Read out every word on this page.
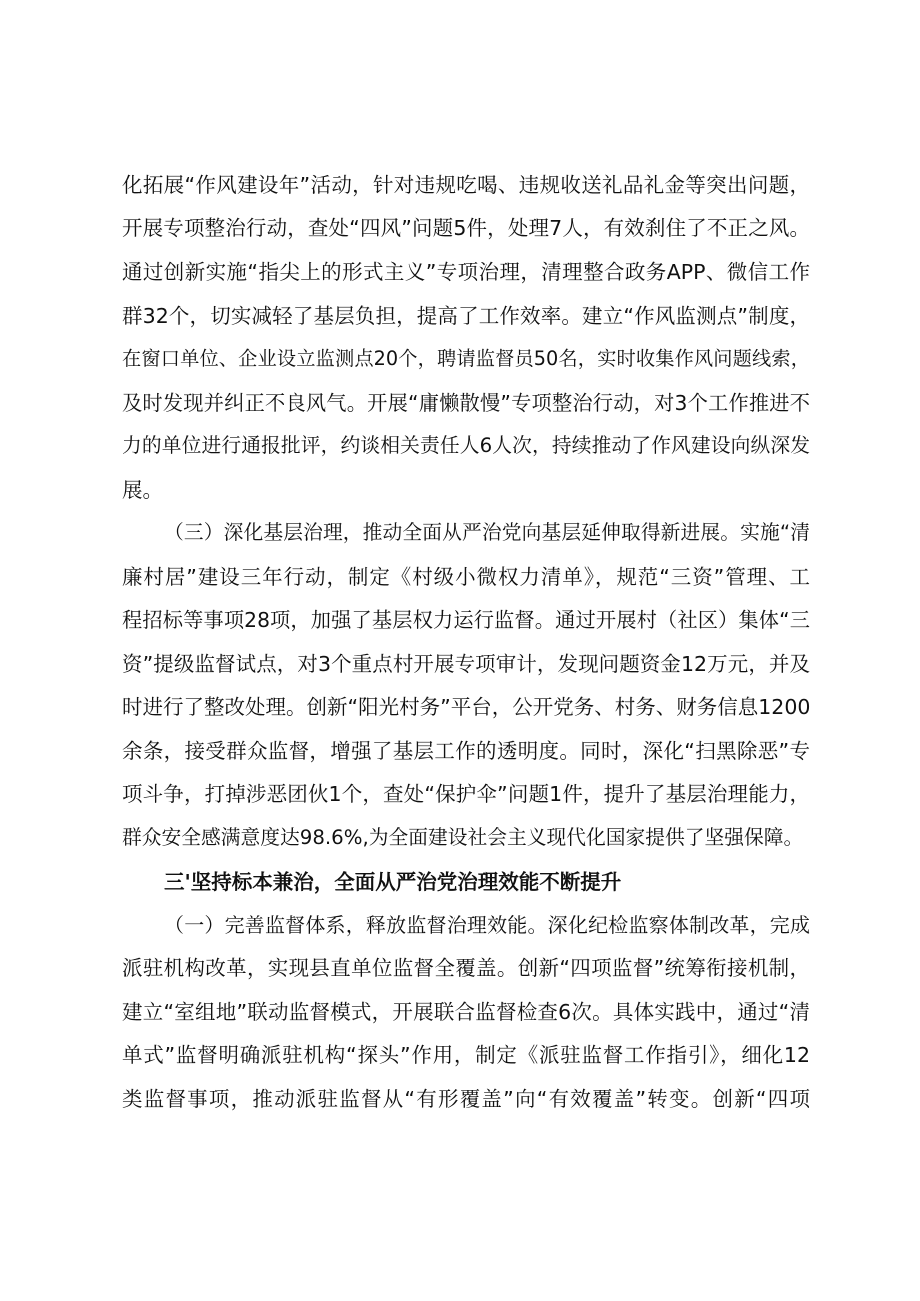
化拓展“作风建设年”活动，针对违规吃喝、违规收送礼品礼金等突出问题，
开展专项整治行动，查处“四风”问题5件，处理7人，有效刹住了不正之风。
通过创新实施“指尖上的形式主义”专项治理，清理整合政务APP、微信工作
群32个，切实减轻了基层负担，提高了工作效率。建立“作风监测点”制度，
在窗口单位、企业设立监测点20个，聘请监督员50名，实时收集作风问题线索，
及时发现并纠正不良风气。开展“庸懒散慢”专项整治行动，对3个工作推进不
力的单位进行通报批评，约谈相关责任人6人次，持续推动了作风建设向纵深发
展。
（三）深化基层治理，推动全面从严治党向基层延伸取得新进展。实施“清
廉村居”建设三年行动，制定《村级小微权力清单》，规范“三资”管理、工
程招标等事项28项，加强了基层权力运行监督。通过开展村（社区）集体“三
资”提级监督试点，对3个重点村开展专项审计，发现问题资金12万元，并及
时进行了整改处理。创新“阳光村务”平台，公开党务、村务、财务信息1200
余条，接受群众监督，增强了基层工作的透明度。同时，深化“扫黑除恶”专
项斗争，打掉涉恶团伙1个，查处“保护伞”问题1件，提升了基层治理能力，
群众安全感满意度达98.6%,为全面建设社会主义现代化国家提供了坚强保障。
三'坚持标本兼治，全面从严治党治理效能不断提升
（一）完善监督体系，释放监督治理效能。深化纪检监察体制改革，完成
派驻机构改革，实现县直单位监督全覆盖。创新“四项监督”统筹衔接机制，
建立“室组地”联动监督模式，开展联合监督检查6次。具体实践中，通过“清
单式”监督明确派驻机构“探头”作用，制定《派驻监督工作指引》，细化12
类监督事项，推动派驻监督从“有形覆盖”向“有效覆盖”转变。创新“四项
